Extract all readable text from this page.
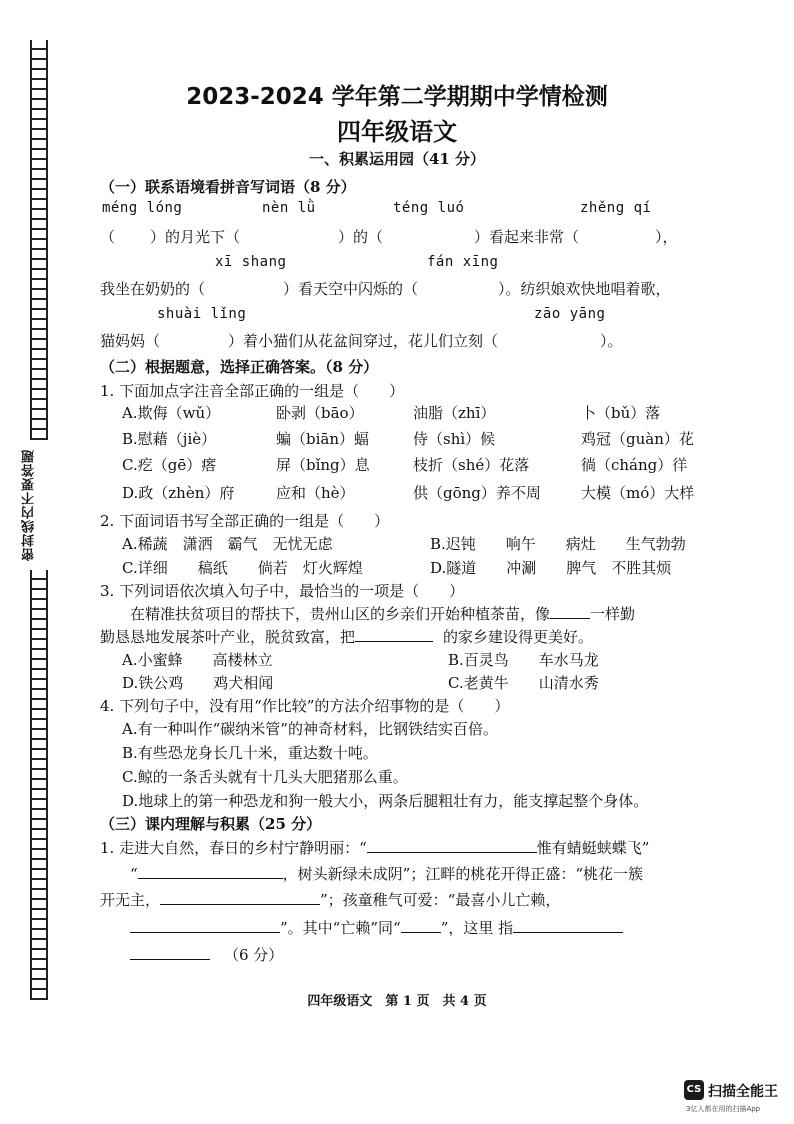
密封线内不要答题
2023-2024 学年第二学期期中学情检测
四年级语文
一、积累运用园（41 分）
（一）联系语境看拼音写词语（8 分）
méng lóng	nèn lǜ	téng luó	zhěng qí
（ ）的月光下（	）的（	）看起来非常（	），
xī shang	fán xīng
我坐在奶奶的（	）看天空中闪烁的（	）。纺织娘欢快地唱着歌，
shuài lǐng	zāo yāng
猫妈妈（	）着小猫们从花盆间穿过，花儿们立刻（	）。
（二）根据题意，选择正确答案。（8 分）
1. 下面加点字注音全部正确的一组是（　　）
A.欺侮（wǔ）	卧剥（bāo）	油脂（zhī）	卜（bǔ）落
B.慰藉（jiè）	蝙（biān）蝠	侍（shì）候	鸡冠（guàn）花
C.疙（gē）瘩	屏（bǐng）息	枝折（shé）花落	徜（cháng）徉
D.政（zhèn）府	应和（hè）	供（gōng）养不周	大模（mó）大样
2. 下面词语书写全部正确的一组是（　　）
A.稀蔬　潇洒　霸气　无忧无虑	B.迟钝　　响午　　病灶　　生气勃勃
C.详细　　稿纸　　倘若　灯火辉煌	D.隧道　　冲涮　　脾气　不胜其烦
3. 下列词语依次填入句子中，最恰当的一项是（　　）
在精准扶贫项目的帮扶下，贵州山区的乡亲们开始种植茶苗，像	一样勤
勤恳恳地发展茶叶产业，脱贫致富，把	的家乡建设得更美好。
A.小蜜蜂　　高楼林立	B.百灵鸟　　车水马龙
D.铁公鸡　　鸡犬相闻	C.老黄牛　　山清水秀
4. 下列句子中，没有用“作比较”的方法介绍事物的是（　　）
A.有一种叫作“碳纳米管”的神奇材料，比钢铁结实百倍。
B.有些恐龙身长几十米，重达数十吨。
C.鲸的一条舌头就有十几头大肥猪那么重。
D.地球上的第一种恐龙和狗一般大小，两条后腿粗壮有力，能支撑起整个身体。
（三）课内理解与积累（25 分）
1. 走进大自然，春日的乡村宁静明丽：“	惟有蜻蜓蛱蝶飞”
“	，树头新绿未成阴”；江畔的桃花开得正盛：“桃花一簇
开无主，	”；孩童稚气可爱：“最喜小儿亡赖，
”。其中“亡赖”同“	”，这里 指
（6 分）
四年级语文　第 1 页　共 4 页
CS 扫描全能王
3亿人都在用的扫描App
